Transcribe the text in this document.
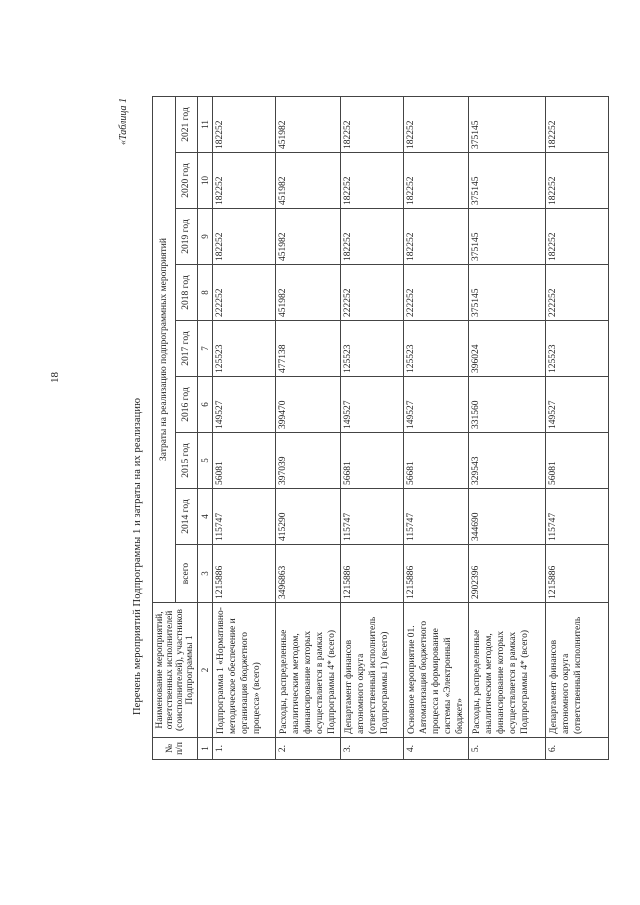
18
«Таблица 1
Перечень мероприятий Подпрограммы 1 и затраты на их реализацию
№ п/п	Наименование мероприятий, ответственных исполнителей (соисполнителей), участников Подпрограммы 1	Затраты на реализацию подпрограммных мероприятий								
		всего	2014 год	2015 год	2016 год	2017 год	2018 год	2019 год	2020 год	2021 год
1	2	3	4	5	6	7	8	9	10	11
1.	Подпрограмма 1 «Нормативно-методическое обеспечение и организация бюджетного процесса» (всего)	1215886	115747	56081	149527	125523	222252	182252	182252	182252
2.	Расходы, распределенные аналитическим методом, финансирование которых осуществляется в рамках Подпрограммы 4* (всего)	3496863	415290	397039	399470	477138	451982	451982	451982	451982
3.	Департамент финансов автономного округа (ответственный исполнитель Подпрограммы 1) (всего)	1215886	115747	56681	149527	125523	222252	182252	182252	182252
4.	Основное мероприятие 01. Автоматизация бюджетного процесса и формирование системы «Электронный бюджет»	1215886	115747	56681	149527	125523	222252	182252	182252	182252
5.	Расходы, распределенные аналитическим методом, финансирование которых осуществляется в рамках Подпрограммы 4* (всего)	2902396	344690	329543	331560	396024	375145	375145	375145	375145
6.	Департамент финансов автономного округа (ответственный исполнитель	1215886	115747	56081	149527	125523	222252	182252	182252	182252
